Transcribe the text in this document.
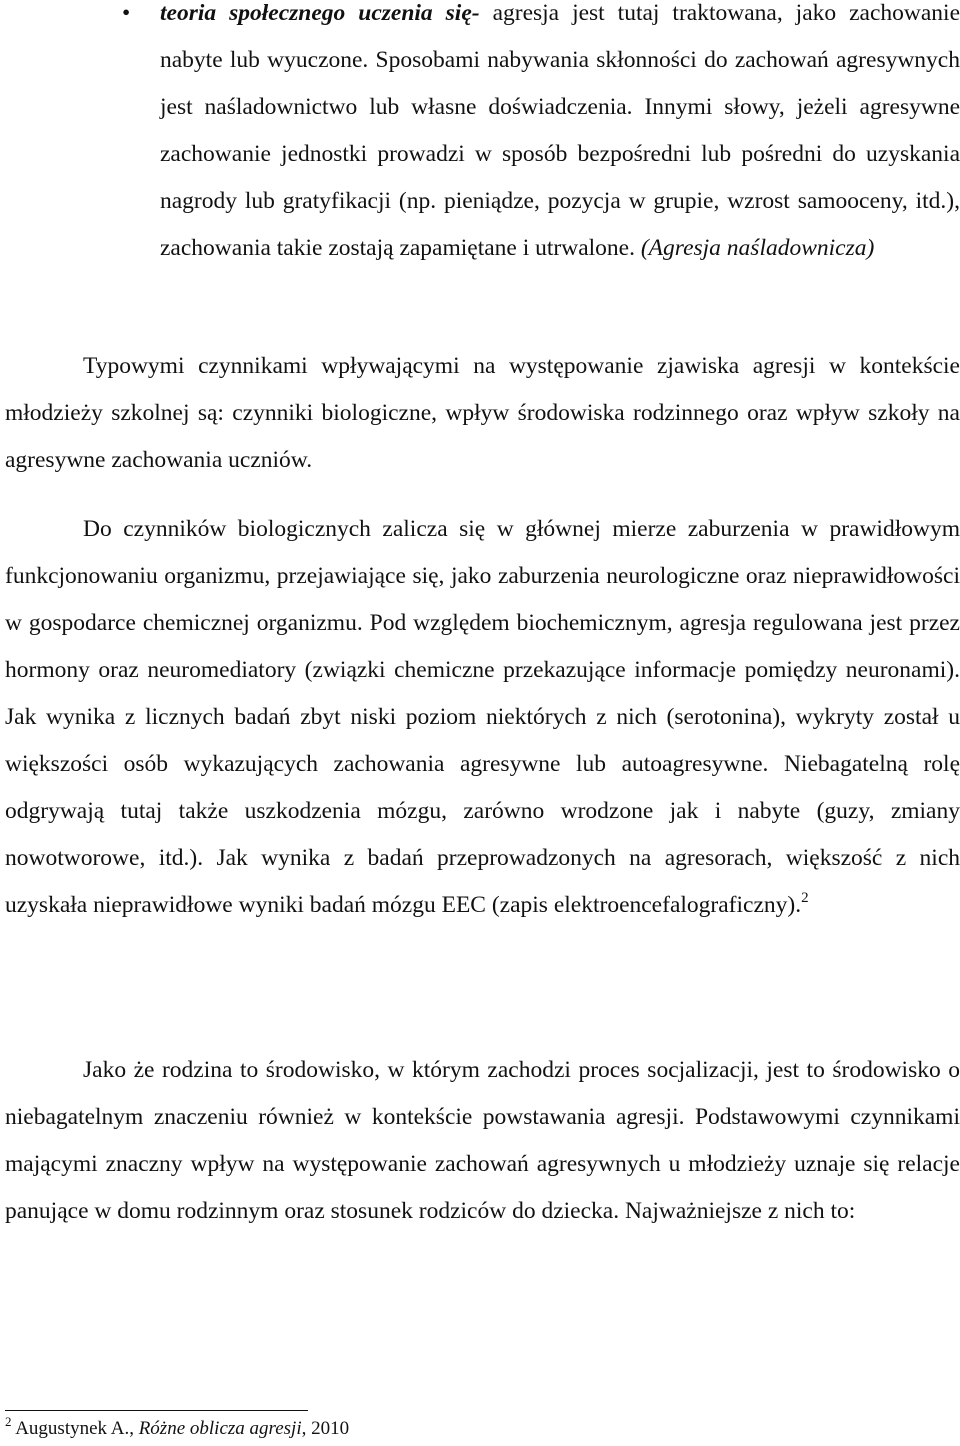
• teoria społecznego uczenia się- agresja jest tutaj traktowana, jako zachowanie nabyte lub wyuczone. Sposobami nabywania skłonności do zachowań agresywnych jest naśladownictwo lub własne doświadczenia. Innymi słowy, jeżeli agresywne zachowanie jednostki prowadzi w sposób bezpośredni lub pośredni do uzyskania nagrody lub gratyfikacji (np. pieniądze, pozycja w grupie, wzrost samooceny, itd.), zachowania takie zostają zapamiętane i utrwalone. (Agresja naśladownicza)

Typowymi czynnikami wpływającymi na występowanie zjawiska agresji w kontekście młodzieży szkolnej są: czynniki biologiczne, wpływ środowiska rodzinnego oraz wpływ szkoły na agresywne zachowania uczniów.

Do czynników biologicznych zalicza się w głównej mierze zaburzenia w prawidłowym funkcjonowaniu organizmu, przejawiające się, jako zaburzenia neurologiczne oraz nieprawidłowości w gospodarce chemicznej organizmu. Pod względem biochemicznym, agresja regulowana jest przez hormony oraz neuromediatory (związki chemiczne przekazujące informacje pomiędzy neuronami). Jak wynika z licznych badań zbyt niski poziom niektórych z nich (serotonina), wykryty został u większości osób wykazujących zachowania agresywne lub autoagresywne. Niebagatelną rolę odgrywają tutaj także uszkodzenia mózgu, zarówno wrodzone jak i nabyte (guzy, zmiany nowotworowe, itd.). Jak wynika z badań przeprowadzonych na agresorach, większość z nich uzyskała nieprawidłowe wyniki badań mózgu EEC (zapis elektroencefalograficzny).$^2$

Jako że rodzina to środowisko, w którym zachodzi proces socjalizacji, jest to środowisko o niebagatelnym znaczeniu również w kontekście powstawania agresji. Podstawowymi czynnikami mającymi znaczny wpływ na występowanie zachowań agresywnych u młodzieży uznaje się relacje panujące w domu rodzinnym oraz stosunek rodziców do dziecka. Najważniejsze z nich to:

$^2$ Augustynek A., Różne oblicza agresji, 2010
